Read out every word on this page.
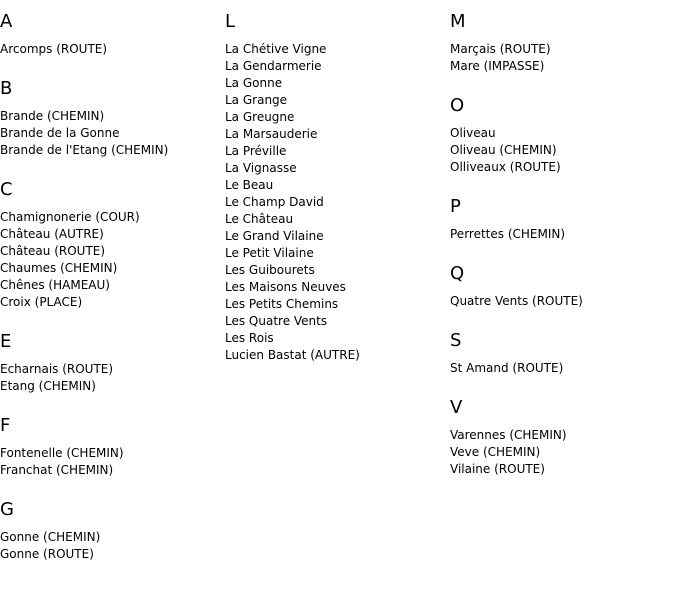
A
Arcomps (ROUTE)
B
Brande (CHEMIN)
Brande de la Gonne
Brande de l'Etang (CHEMIN)
C
Chamignonerie (COUR)
Château (AUTRE)
Château (ROUTE)
Chaumes (CHEMIN)
Chênes (HAMEAU)
Croix (PLACE)
E
Echarnais (ROUTE)
Etang (CHEMIN)
F
Fontenelle (CHEMIN)
Franchat (CHEMIN)
G
Gonne (CHEMIN)
Gonne (ROUTE)
L
La Chétive Vigne
La Gendarmerie
La Gonne
La Grange
La Greugne
La Marsauderie
La Préville
La Vignasse
Le Beau
Le Champ David
Le Château
Le Grand Vilaine
Le Petit Vilaine
Les Guibourets
Les Maisons Neuves
Les Petits Chemins
Les Quatre Vents
Les Rois
Lucien Bastat (AUTRE)
M
Marçais (ROUTE)
Mare (IMPASSE)
O
Oliveau
Oliveau (CHEMIN)
Olliveaux (ROUTE)
P
Perrettes (CHEMIN)
Q
Quatre Vents (ROUTE)
S
St Amand (ROUTE)
V
Varennes (CHEMIN)
Veve (CHEMIN)
Vilaine (ROUTE)
